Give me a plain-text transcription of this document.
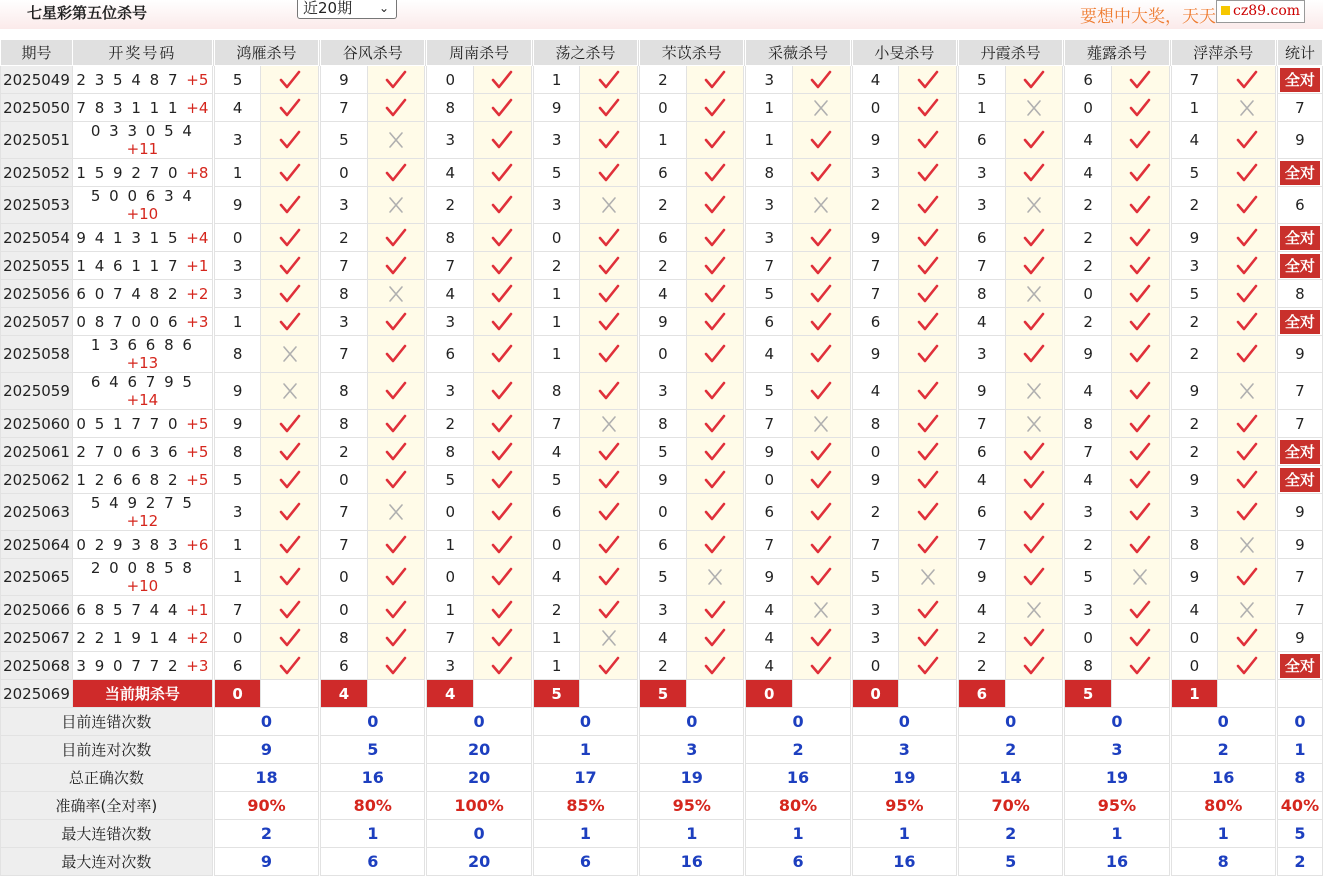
七星彩第五位杀号	近20期 ⌄	要想中大奖，天天	cz89.com
期号	开奖号码		鸿雁杀号			谷风杀号			周南杀号			荡之杀号			芣苡杀号			采薇杀号			小旻杀号			丹霞杀号			薤露杀号			浮萍杀号			统计
2025049	2 3 5 4 8 7 +5		5			9			0			1			2			3			4			5			6			7			全对
2025050	7 8 3 1 1 1 +4		4			7			8			9			0			1			0			1			0			1			7
2025051	0 3 3 0 5 4 +11		3			5			3			3			1			1			9			6			4			4			9
2025052	1 5 9 2 7 0 +8		1			0			4			5			6			8			3			3			4			5			全对
2025053	5 0 0 6 3 4 +10		9			3			2			3			2			3			2			3			2			2			6
2025054	9 4 1 3 1 5 +4		0			2			8			0			6			3			9			6			2			9			全对
2025055	1 4 6 1 1 7 +1		3			7			7			2			2			7			7			7			2			3			全对
2025056	6 0 7 4 8 2 +2		3			8			4			1			4			5			7			8			0			5			8
2025057	0 8 7 0 0 6 +3		1			3			3			1			9			6			6			4			2			2			全对
2025058	1 3 6 6 8 6 +13		8			7			6			1			0			4			9			3			9			2			9
2025059	6 4 6 7 9 5 +14		9			8			3			8			3			5			4			9			4			9			7
2025060	0 5 1 7 7 0 +5		9			8			2			7			8			7			8			7			8			2			7
2025061	2 7 0 6 3 6 +5		8			2			8			4			5			9			0			6			7			2			全对
2025062	1 2 6 6 8 2 +5		5			0			5			5			9			0			9			4			4			9			全对
2025063	5 4 9 2 7 5 +12		3			7			0			6			0			6			2			6			3			3			9
2025064	0 2 9 3 8 3 +6		1			7			1			0			6			7			7			7			2			8			9
2025065	2 0 0 8 5 8 +10		1			0			0			4			5			9			5			9			5			9			7
2025066	6 8 5 7 4 4 +1		7			0			1			2			3			4			3			4			3			4			7
2025067	2 2 1 9 1 4 +2		0			8			7			1			4			4			3			2			0			0			9
2025068	3 9 0 7 7 2 +3		6			6			3			1			2			4			0			2			8			0			全对
2025069	当前期杀号		0			4			4			5			5			0			0			6			5			1			
目前连错次数			0			0			0			0			0			0			0			0			0			0			0
目前连对次数			9			5			20			1			3			2			3			2			3			2			1
总正确次数			18			16			20			17			19			16			19			14			19			16			8
准确率(全对率)			90%			80%			100%			85%			95%			80%			95%			70%			95%			80%			40%
最大连错次数			2			1			0			1			1			1			1			2			1			1			5
最大连对次数			9			6			20			6			16			6			16			5			16			8			2
